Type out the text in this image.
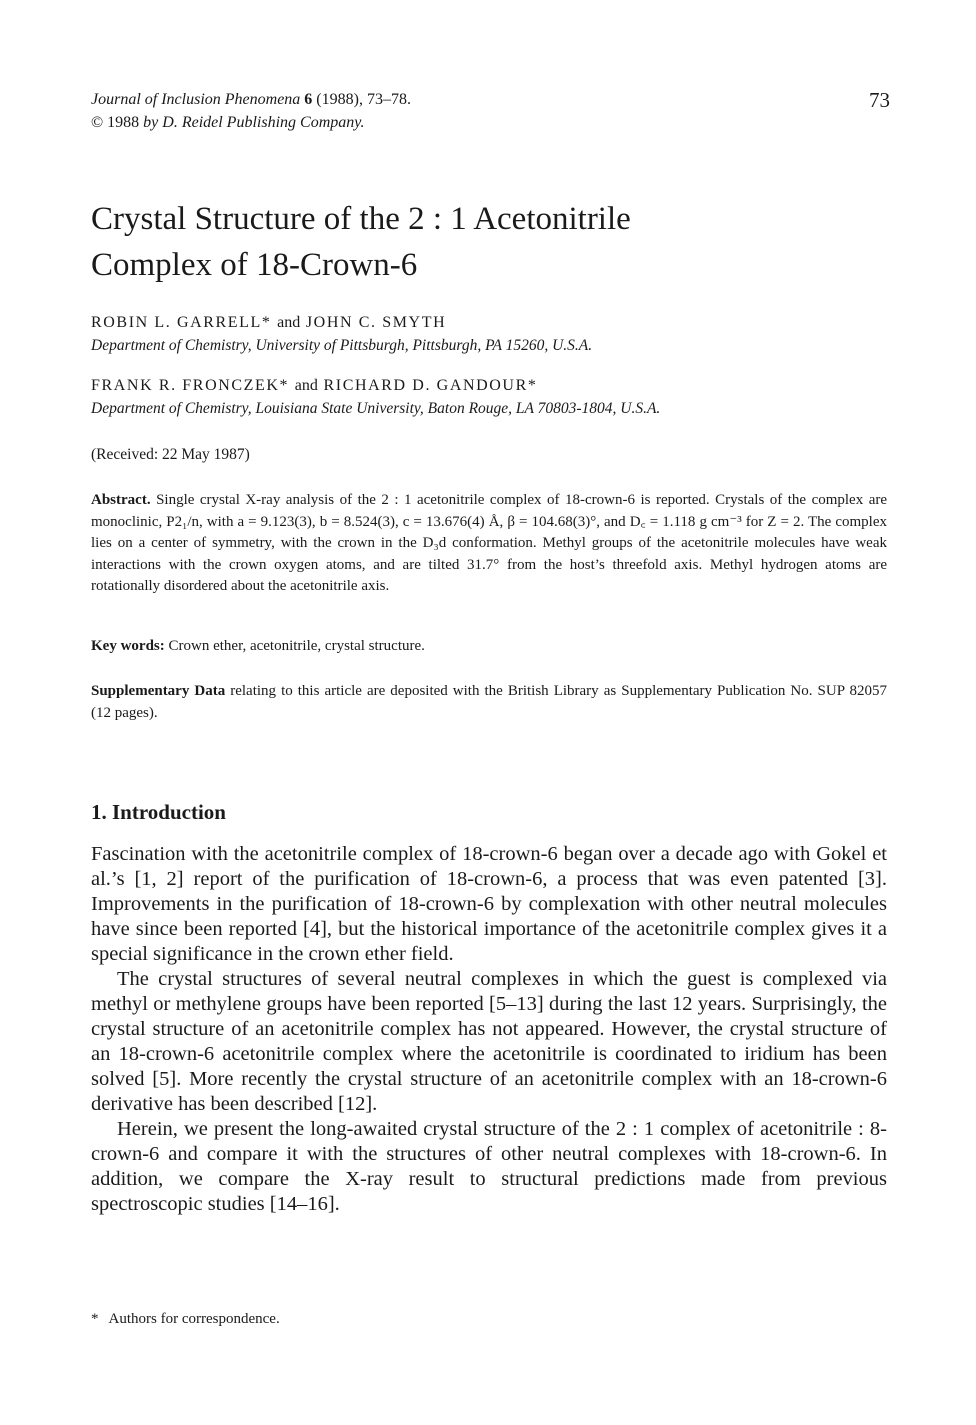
Journal of Inclusion Phenomena 6 (1988), 73–78.
© 1988 by D. Reidel Publishing Company.
73
Crystal Structure of the 2 : 1 Acetonitrile
Complex of 18-Crown-6
ROBIN L. GARRELL* and JOHN C. SMYTH
Department of Chemistry, University of Pittsburgh, Pittsburgh, PA 15260, U.S.A.
FRANK R. FRONCZEK* and RICHARD D. GANDOUR*
Department of Chemistry, Louisiana State University, Baton Rouge, LA 70803-1804, U.S.A.
(Received: 22 May 1987)
Abstract. Single crystal X-ray analysis of the 2 : 1 acetonitrile complex of 18-crown-6 is reported. Crystals of the complex are monoclinic, P2₁/n, with a = 9.123(3), b = 8.524(3), c = 13.676(4) Å, β = 104.68(3)°, and D꜀ = 1.118 g cm⁻³ for Z = 2. The complex lies on a center of symmetry, with the crown in the D₃d conformation. Methyl groups of the acetonitrile molecules have weak interactions with the crown oxygen atoms, and are tilted 31.7° from the host’s threefold axis. Methyl hydrogen atoms are rotationally disordered about the acetonitrile axis.
Key words: Crown ether, acetonitrile, crystal structure.
Supplementary Data relating to this article are deposited with the British Library as Supplementary Publication No. SUP 82057 (12 pages).
1. Introduction

Fascination with the acetonitrile complex of 18-crown-6 began over a decade ago with Gokel et al.’s [1, 2] report of the purification of 18-crown-6, a process that was even patented [3]. Improvements in the purification of 18-crown-6 by complexation with other neutral molecules have since been reported [4], but the historical importance of the acetonitrile complex gives it a special significance in the crown ether field.

The crystal structures of several neutral complexes in which the guest is complexed via methyl or methylene groups have been reported [5–13] during the last 12 years. Surprisingly, the crystal structure of an acetonitrile complex has not appeared. However, the crystal structure of an 18-crown-6 acetonitrile complex where the acetonitrile is coordinated to iridium has been solved [5]. More recently the crystal structure of an acetonitrile complex with an 18-crown-6 derivative has been described [12].

Herein, we present the long-awaited crystal structure of the 2 : 1 complex of acetonitrile : 8-crown-6 and compare it with the structures of other neutral complexes with 18-crown-6. In addition, we compare the X-ray result to structural predictions made from previous spectroscopic studies [14–16].

* Authors for correspondence.
